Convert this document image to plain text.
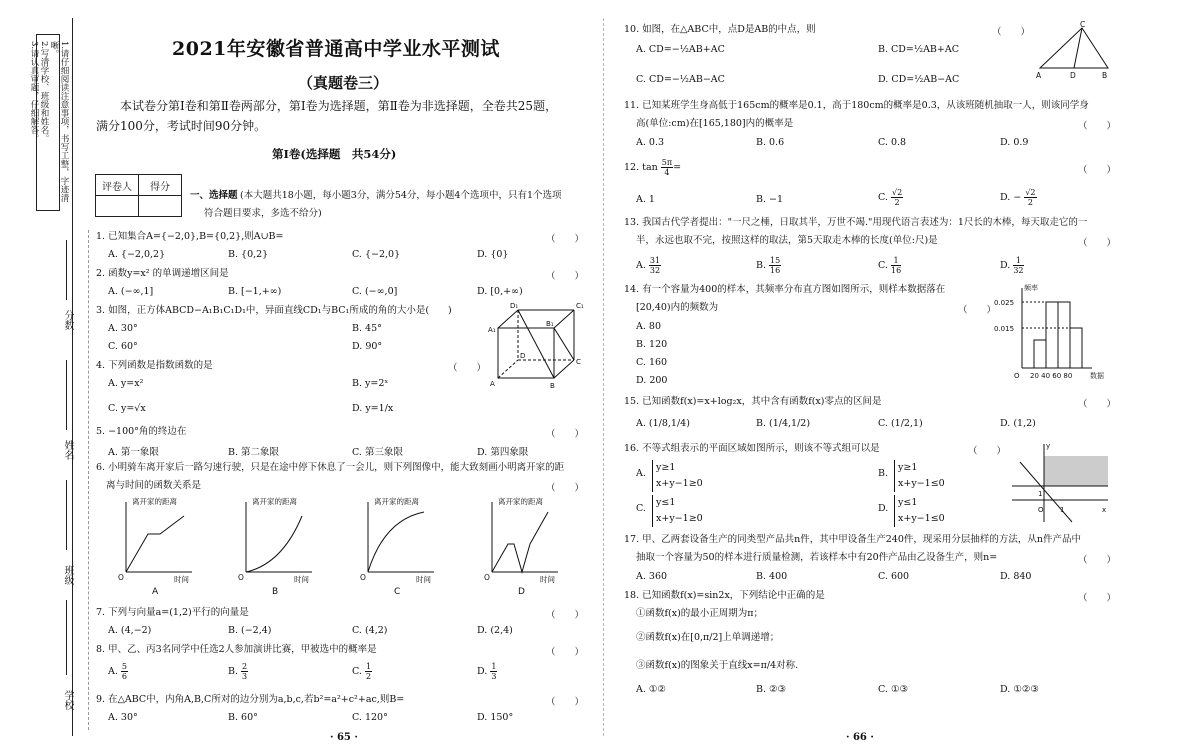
1.请仔细阅读注意事项，书写工整，字迹清晰。
2.写清学校、班级和姓名。
3.请认真审题，仔细解答。
分数
姓名
班级
学校
2021年安徽省普通高中学业水平测试
（真题卷三）
本试卷分第Ⅰ卷和第Ⅱ卷两部分，第Ⅰ卷为选择题，第Ⅱ卷为非选择题，全卷共25题，满分100分，考试时间90分钟。
第Ⅰ卷(选择题　共54分)
评卷人	得分

一、选择题 (本大题共18小题，每小题3分，满分54分，每小题4个选项中，只有1个选项
符合题目要求，多选不给分)
1. 已知集合A={−2,0},B={0,2},则A∪B=	（　　）
A. {−2,0,2}	B. {0,2}	C. {−2,0}	D. {0}
2. 函数y=x² 的单调递增区间是	（　　）
A. (−∞,1]	B. [−1,+∞)	C. (−∞,0]	D. [0,+∞)
3. 如图，正方体ABCD−A₁B₁C₁D₁中，异面直线CD₁与BC₁所成的角的大小是(　　)
A. 30°	B. 45°
C. 60°	D. 90°
A₁
D₁	C₁
B₁
A	B
C
D
4. 下列函数是指数函数的是	（　　）
A. y=x²	B. y=2ˣ
C. y=√x	D. y=1/x
5. −100°角的终边在	（　　）
A. 第一象限	B. 第二象限	C. 第三象限	D. 第四象限
6. 小明骑车离开家后一路匀速行驶，只是在途中停下休息了一会儿，则下列图像中，能大致刻画小明离开家的距
离与时间的函数关系是	（　　）
离开家的距离	离开家的距离	离开家的距离	离开家的距离
时间	时间	时间	时间
O	O	O	O
A	B	C	D
7. 下列与向量a=(1,2)平行的向量是	（　　）
A. (4,−2)	B. (−2,4)	C. (4,2)	D. (2,4)
8. 甲、乙、丙3名同学中任选2人参加演讲比赛，甲被选中的概率是	（　　）
A. $\frac{5}{6}$	B. $\frac{2}{3}$	C. $\frac{1}{2}$	D. $\frac{1}{3}$
9. 在△ABC中，内角A,B,C所对的边分别为a,b,c,若b²=a²+c²+ac,则B=	（　　）
A. 30°	B. 60°	C. 120°	D. 150°
· 65 ·
10. 如图，在△ABC中，点D是AB的中点，则	（　　）
A. CD=−½AB+AC	B. CD=½AB+AC
C. CD=−½AB−AC	D. CD=½AB−AC
C
A	D	B
11. 已知某班学生身高低于165cm的概率是0.1，高于180cm的概率是0.3，从该班随机抽取一人，则该同学身
高(单位:cm)在[165,180]内的概率是	（　　）
A. 0.3	B. 0.6	C. 0.8	D. 0.9
12. $\tan \frac{5\pi}{4}$ =	（　　）
A. 1	B. −1	C. $\frac{√2}{2}$	D. − $\frac{√2}{2}$
13. 我国古代学者提出："一尺之棰，日取其半，万世不竭."用现代语言表述为：1尺长的木棒，每天取走它的一
半，永远也取不完，按照这样的取法，第5天取走木棒的长度(单位:尺)是	（　　）
A. $\frac{31}{32}$	B. $\frac{15}{16}$	C. $\frac{1}{16}$	D. $\frac{1}{32}$
14. 有一个容量为400的样本，其频率分布直方图如图所示，则样本数据落在
[20,40)内的频数为	（　　）
A. 80
B. 120
C. 160
D. 200
频率
0.025
0.015
O 20 40 60 80	数据
15. 已知函数f(x)=x+log₂x，其中含有函数f(x)零点的区间是	（　　）
A. (1/8,1/4)	B. (1/4,1/2)	C. (1/2,1)	D. (1,2)
16. 不等式组表示的平面区域如图所示，则该不等式组可以是	（　　）
A.
y≥1
x+y−1≥0
B.
y≥1
x+y−1≤0
C.
y≤1
x+y−1≥0
D.
y≤1
x+y−1≤0
y
x
O
1
1
17. 甲、乙两套设备生产的同类型产品共n件，其中甲设备生产240件，现采用分层抽样的方法，从n件产品中
抽取一个容量为50的样本进行质量检测，若该样本中有20件产品由乙设备生产，则n=	（　　）
A. 360	B. 400	C. 600	D. 840
18. 已知函数f(x)=sin2x，下列结论中正确的是	（　　）
①函数f(x)的最小正周期为π；
②函数f(x)在[0,π/2]上单调递增；
③函数f(x)的图象关于直线x=π/4对称.
A. ①②	B. ②③	C. ①③	D. ①②③
· 66 ·
